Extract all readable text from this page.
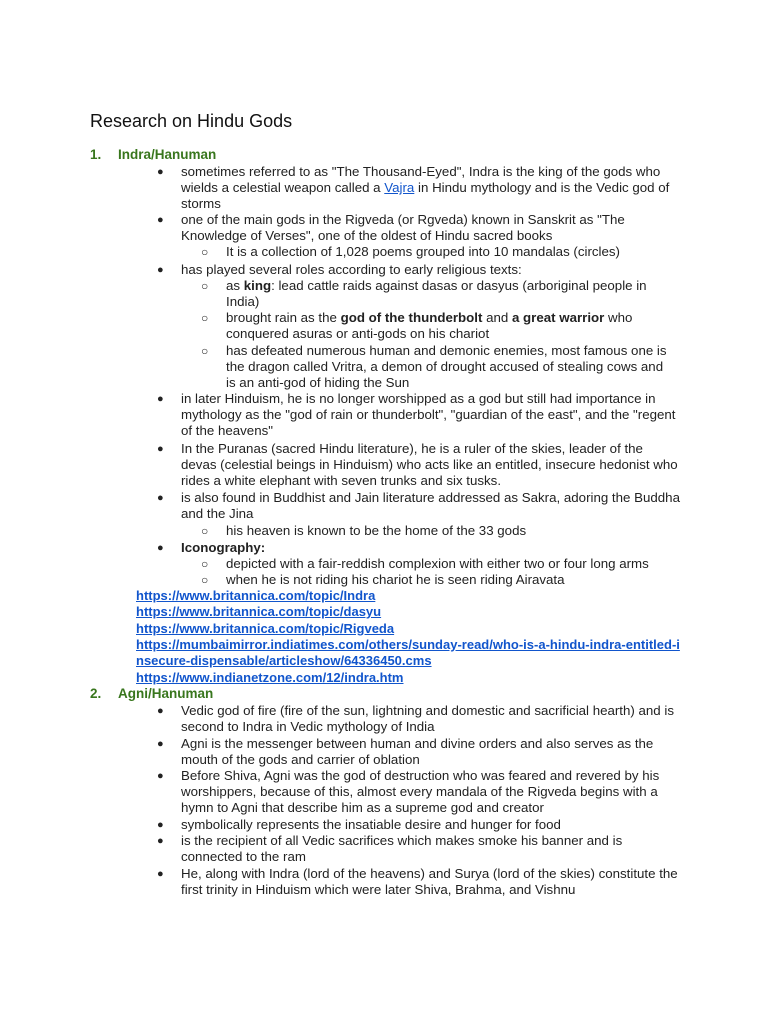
Research on Hindu Gods
1. Indra/Hanuman
● sometimes referred to as "The Thousand-Eyed", Indra is the king of the gods who wields a celestial weapon called a Vajra in Hindu mythology and is the Vedic god of storms
● one of the main gods in the Rigveda (or Rgveda) known in Sanskrit as "The Knowledge of Verses", one of the oldest of Hindu sacred books
○ It is a collection of 1,028 poems grouped into 10 mandalas (circles)
● has played several roles according to early religious texts:
○ as king: lead cattle raids against dasas or dasyus (arboriginal people in India)
○ brought rain as the god of the thunderbolt and a great warrior who conquered asuras or anti-gods on his chariot
○ has defeated numerous human and demonic enemies, most famous one is the dragon called Vritra, a demon of drought accused of stealing cows and is an anti-god of hiding the Sun
● in later Hinduism, he is no longer worshipped as a god but still had importance in mythology as the "god of rain or thunderbolt", "guardian of the east", and the "regent of the heavens"
● In the Puranas (sacred Hindu literature), he is a ruler of the skies, leader of the devas (celestial beings in Hinduism) who acts like an entitled, insecure hedonist who rides a white elephant with seven trunks and six tusks.
● is also found in Buddhist and Jain literature addressed as Sakra, adoring the Buddha and the Jina
○ his heaven is known to be the home of the 33 gods
● Iconography:
○ depicted with a fair-reddish complexion with either two or four long arms
○ when he is not riding his chariot he is seen riding Airavata
https://www.britannica.com/topic/Indra
https://www.britannica.com/topic/dasyu
https://www.britannica.com/topic/Rigveda
https://mumbaimirror.indiatimes.com/others/sunday-read/who-is-a-hindu-indra-entitled-insecure-dispensable/articleshow/64336450.cms
https://www.indianetzone.com/12/indra.htm
2. Agni/Hanuman
● Vedic god of fire (fire of the sun, lightning and domestic and sacrificial hearth) and is second to Indra in Vedic mythology of India
● Agni is the messenger between human and divine orders and also serves as the mouth of the gods and carrier of oblation
● Before Shiva, Agni was the god of destruction who was feared and revered by his worshippers, because of this, almost every mandala of the Rigveda begins with a hymn to Agni that describe him as a supreme god and creator
● symbolically represents the insatiable desire and hunger for food
● is the recipient of all Vedic sacrifices which makes smoke his banner and is connected to the ram
● He, along with Indra (lord of the heavens) and Surya (lord of the skies) constitute the first trinity in Hinduism which were later Shiva, Brahma, and Vishnu
